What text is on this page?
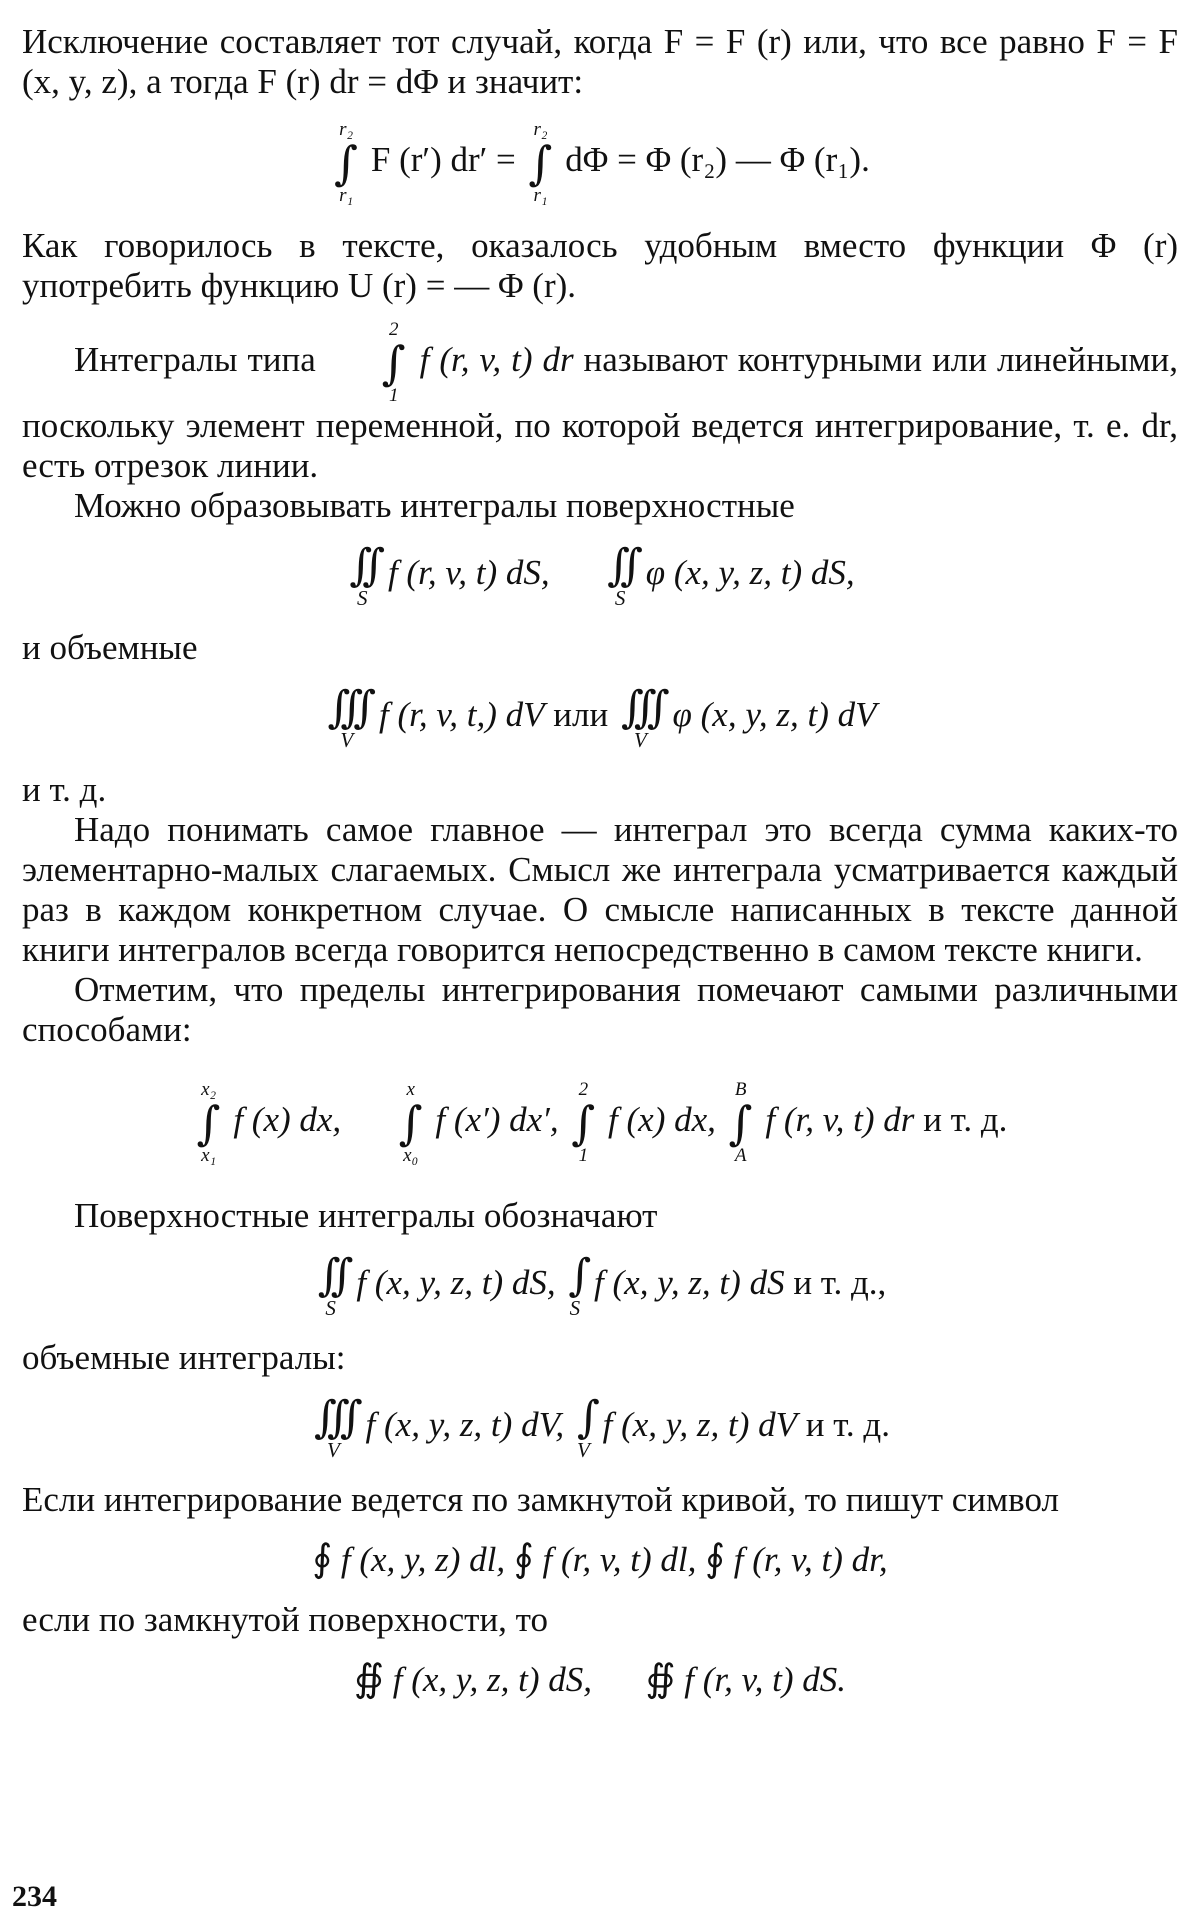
Исключение составляет тот случай, когда F = F (r) или, что все равно F = F (x, y, z), а тогда F (r) dr = dΦ и значит:

r₂
∫
r₁
F (r′) dr′ =
r₂
∫
r₁
dΦ = Φ (r₂) — Φ (r₁).

Как говорилось в тексте, оказалось удобным вместо функции Φ (r) употребить функцию U (r) = — Φ (r).

Интегралы типа
2
∫
1
f (r, v, t) dr называют контурными или линейными, поскольку элемент переменной, по которой ведется интегрирование, т. е. dr, есть отрезок линии.

Можно образовывать интегралы поверхностные

∫∫
S
f (r, v, t) dS, ∫∫
S
φ (x, y, z, t) dS,

и объемные

∫∫∫
V
f (r, v, t,) dV или ∫∫∫
V
φ (x, y, z, t) dV

и т. д.

Надо понимать самое главное — интеграл это всегда сумма каких-то элементарно-малых слагаемых. Смысл же интеграла усматривается каждый раз в каждом конкретном случае. О смысле написанных в тексте данной книги интегралов всегда говорится непосредственно в самом тексте книги.

Отметим, что пределы интегрирования помечают самыми различными способами:

x₂
∫
x₁
f (x) dx,
x
∫
x₀
f (x′) dx′,
2
∫
1
f (x) dx,
B
∫
A
f (r, v, t) dr и т. д.

Поверхностные интегралы обозначают

∫∫
S
f (x, y, z, t) dS, ∫
S
f (x, y, z, t) dS и т. д.,

объемные интегралы:

∫∫∫
V
f (x, y, z, t) dV, ∫
V
f (x, y, z, t) dV и т. д.

Если интегрирование ведется по замкнутой кривой, то пишут символ

∮ f (x, y, z) dl, ∮ f (r, v, t) dl, ∮ f (r, v, t) dr,

если по замкнутой поверхности, то

∯ f (x, y, z, t) dS, ∯ f (r, v, t) dS.
234
